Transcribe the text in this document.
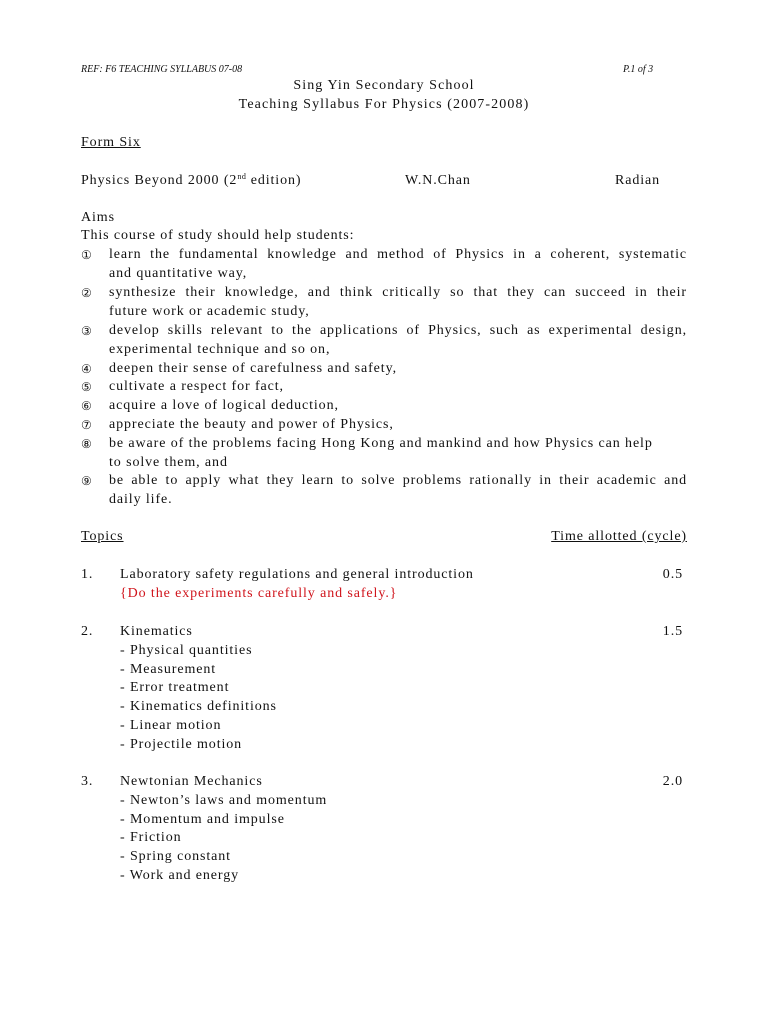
REF: F6 TEACHING SYLLABUS 07-08	P.1 of 3
Sing Yin Secondary School
Teaching Syllabus For Physics (2007-2008)
Form Six
Physics Beyond 2000 (2nd edition)	W.N.Chan	Radian
Aims
This course of study should help students:
① learn the fundamental knowledge and method of Physics in a coherent, systematic
and quantitative way,
② synthesize their knowledge, and think critically so that they can succeed in their
future work or academic study,
③ develop skills relevant to the applications of Physics, such as experimental design,
experimental technique and so on,
④ deepen their sense of carefulness and safety,
⑤ cultivate a respect for fact,
⑥ acquire a love of logical deduction,
⑦ appreciate the beauty and power of Physics,
⑧ be aware of the problems facing Hong Kong and mankind and how Physics can help
to solve them, and
⑨ be able to apply what they learn to solve problems rationally in their academic and
daily life.
Topics	Time allotted (cycle)
1. Laboratory safety regulations and general introduction	0.5
{Do the experiments carefully and safely.}
2. Kinematics	1.5
- Physical quantities
- Measurement
- Error treatment
- Kinematics definitions
- Linear motion
- Projectile motion
3. Newtonian Mechanics	2.0
- Newton’s laws and momentum
- Momentum and impulse
- Friction
- Spring constant
- Work and energy
